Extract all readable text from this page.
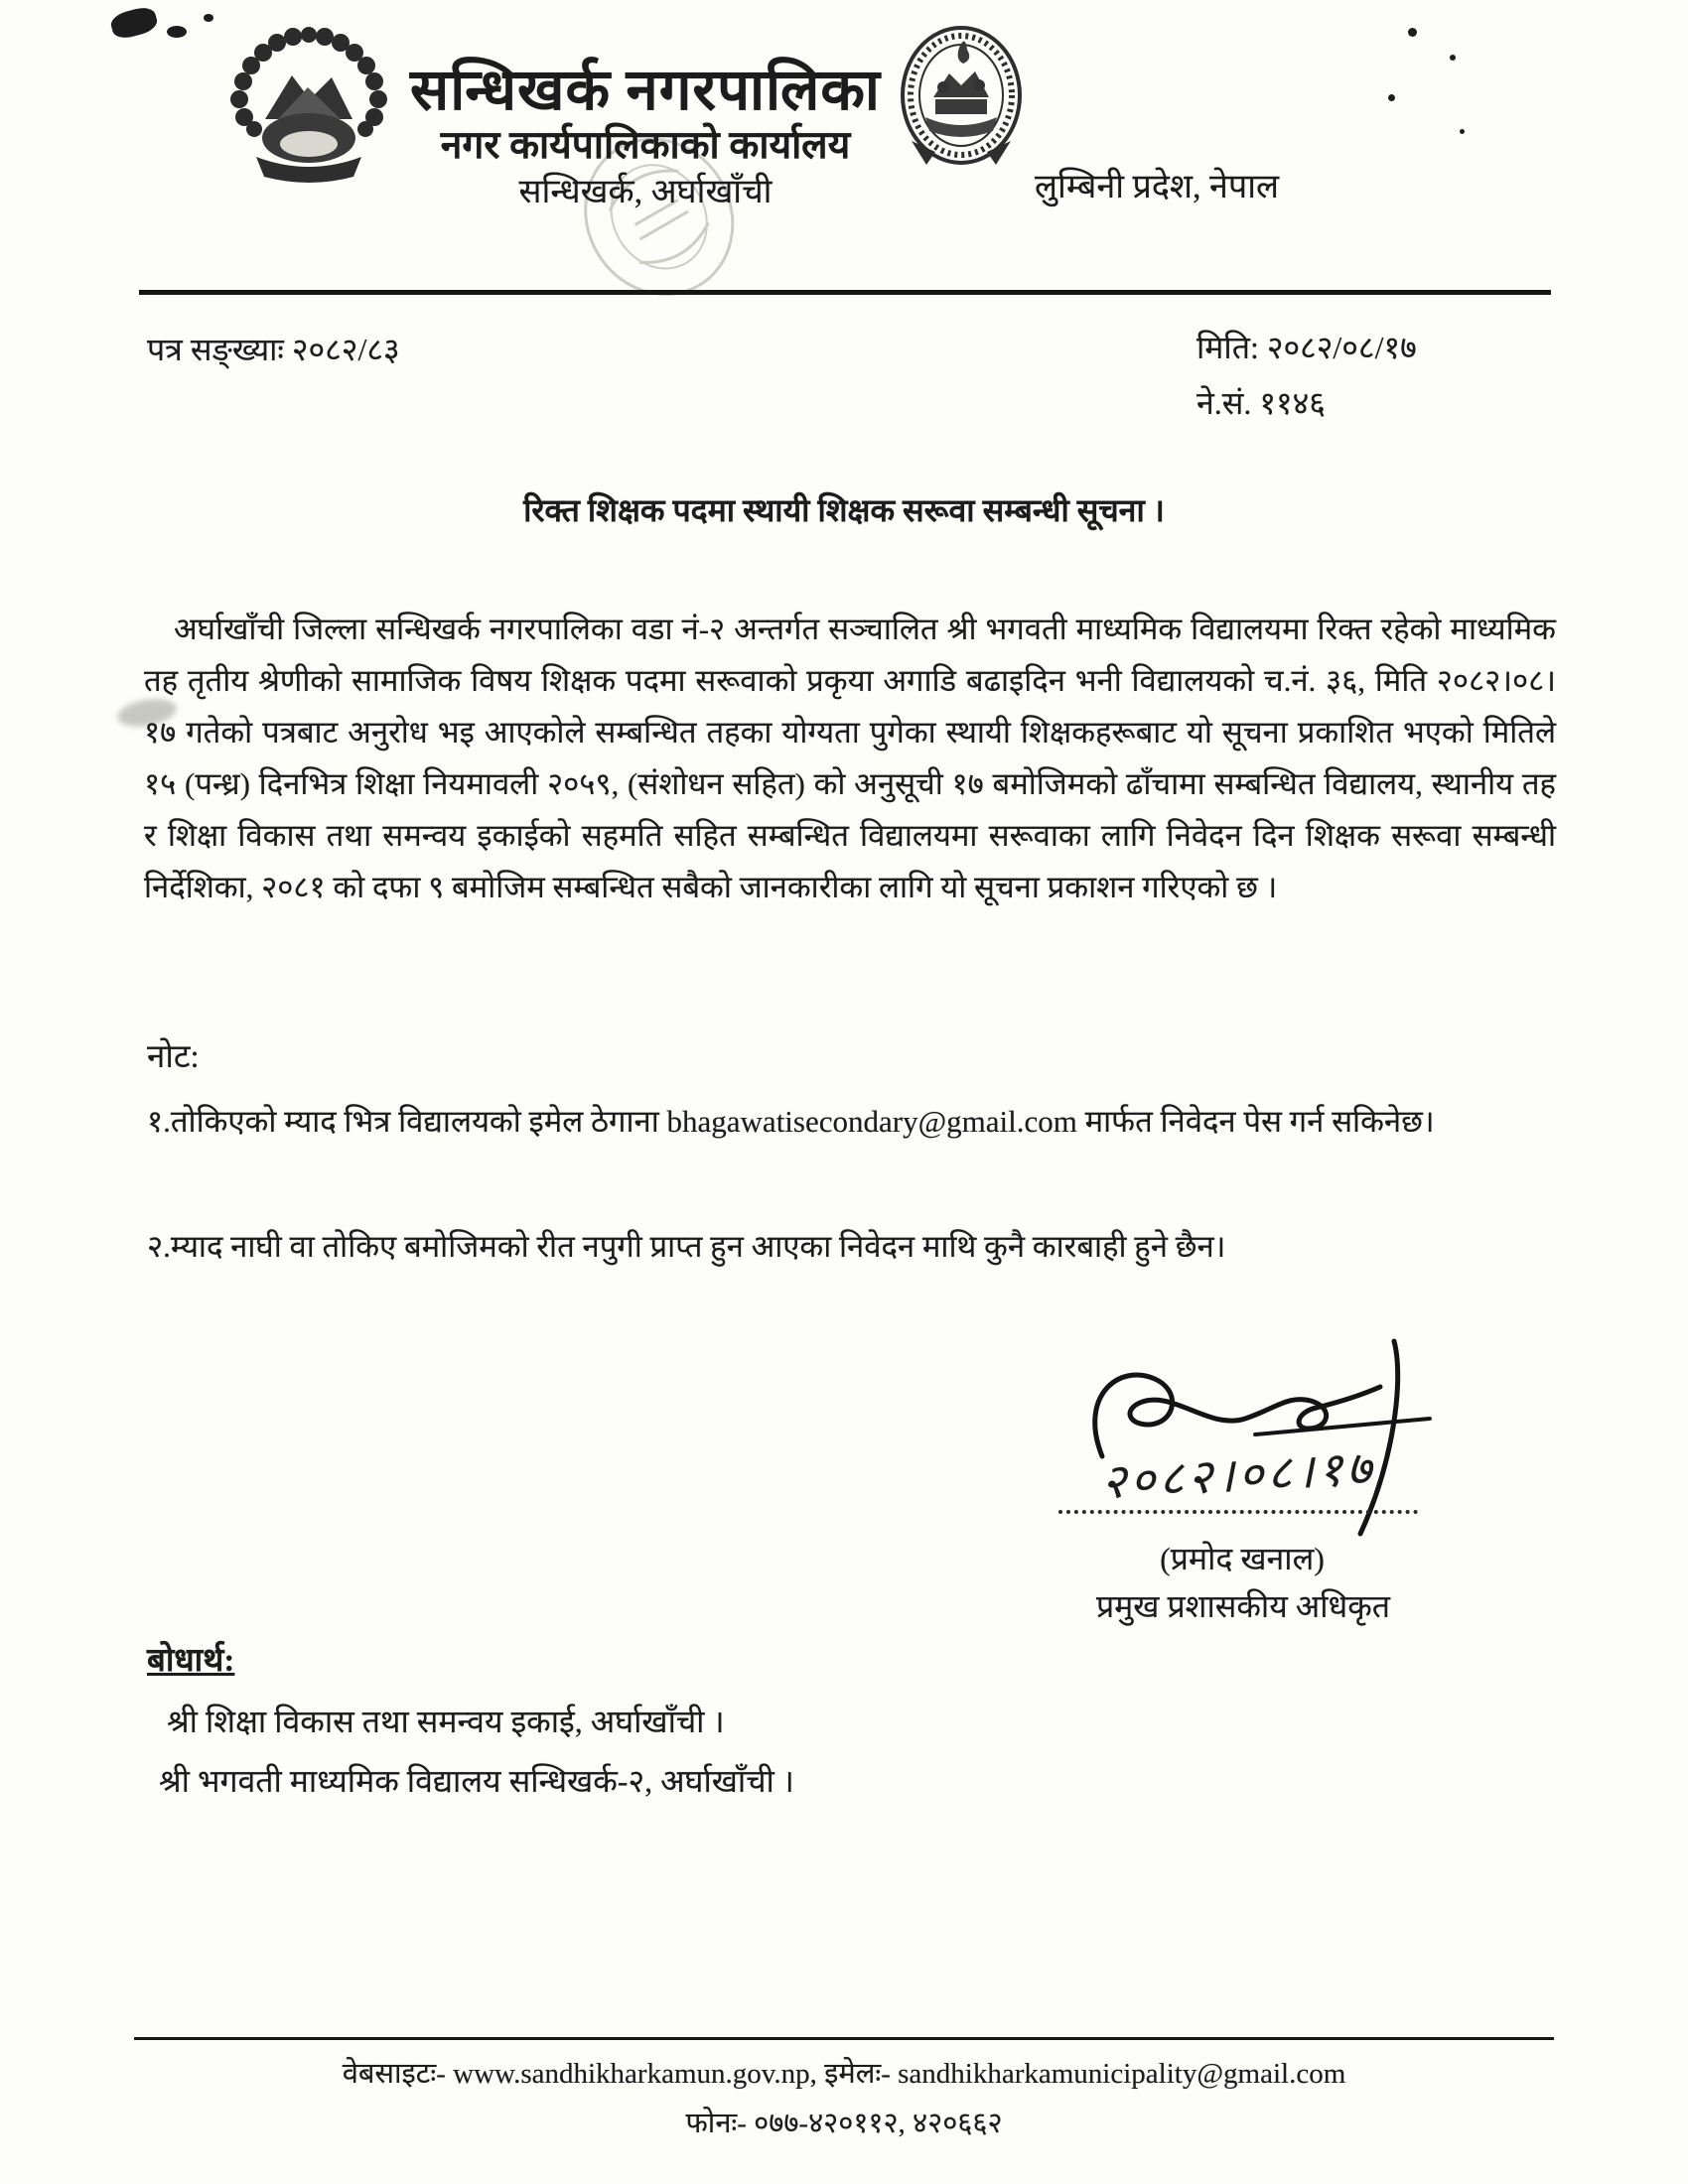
सन्धिखर्क नगरपालिका
नगर कार्यपालिकाको कार्यालय
सन्धिखर्क, अर्घाखाँची	लुम्बिनी प्रदेश, नेपाल
पत्र सङ्ख्याः २०८२/८३	मिति: २०८२/०८/१७
ने.सं. ११४६
रिक्त शिक्षक पदमा स्थायी शिक्षक सरूवा सम्बन्धी सूचना ।
अर्घाखाँची जिल्ला सन्धिखर्क नगरपालिका वडा नं-२ अन्तर्गत सञ्चालित श्री भगवती माध्यमिक विद्यालयमा रिक्त रहेको माध्यमिक तह तृतीय श्रेणीको सामाजिक विषय शिक्षक पदमा सरूवाको प्रकृया अगाडि बढाइदिन भनी विद्यालयको च.नं. ३६, मिति २०८२।०८।१७ गतेको पत्रबाट अनुरोध भइ आएकोले सम्बन्धित तहका योग्यता पुगेका स्थायी शिक्षकहरूबाट यो सूचना प्रकाशित भएको मितिले १५ (पन्ध्र) दिनभित्र शिक्षा नियमावली २०५९, (संशोधन सहित) को अनुसूची १७ बमोजिमको ढाँचामा सम्बन्धित विद्यालय, स्थानीय तह र शिक्षा विकास तथा समन्वय इकाईको सहमति सहित सम्बन्धित विद्यालयमा सरूवाका लागि निवेदन दिन शिक्षक सरूवा सम्बन्धी निर्देशिका, २०८१ को दफा ९ बमोजिम सम्बन्धित सबैको जानकारीका लागि यो सूचना प्रकाशन गरिएको छ ।
नोट:
१.तोकिएको म्याद भित्र विद्यालयको इमेल ठेगाना bhagawatisecondary@gmail.com मार्फत निवेदन पेस गर्न सकिनेछ।
२.म्याद नाघी वा तोकिए बमोजिमको रीत नपुगी प्राप्त हुन आएका निवेदन माथि कुनै कारबाही हुने छैन।
२०८२।०८।१७
(प्रमोद खनाल)
प्रमुख प्रशासकीय अधिकृत
बोधार्थ:
श्री शिक्षा विकास तथा समन्वय इकाई, अर्घाखाँची ।
श्री भगवती माध्यमिक विद्यालय सन्धिखर्क-२, अर्घाखाँची ।
वेबसाइटः- www.sandhikharkamun.gov.np, इमेलः- sandhikharkamunicipality@gmail.com
फोनः- ०७७-४२०११२, ४२०६६२
